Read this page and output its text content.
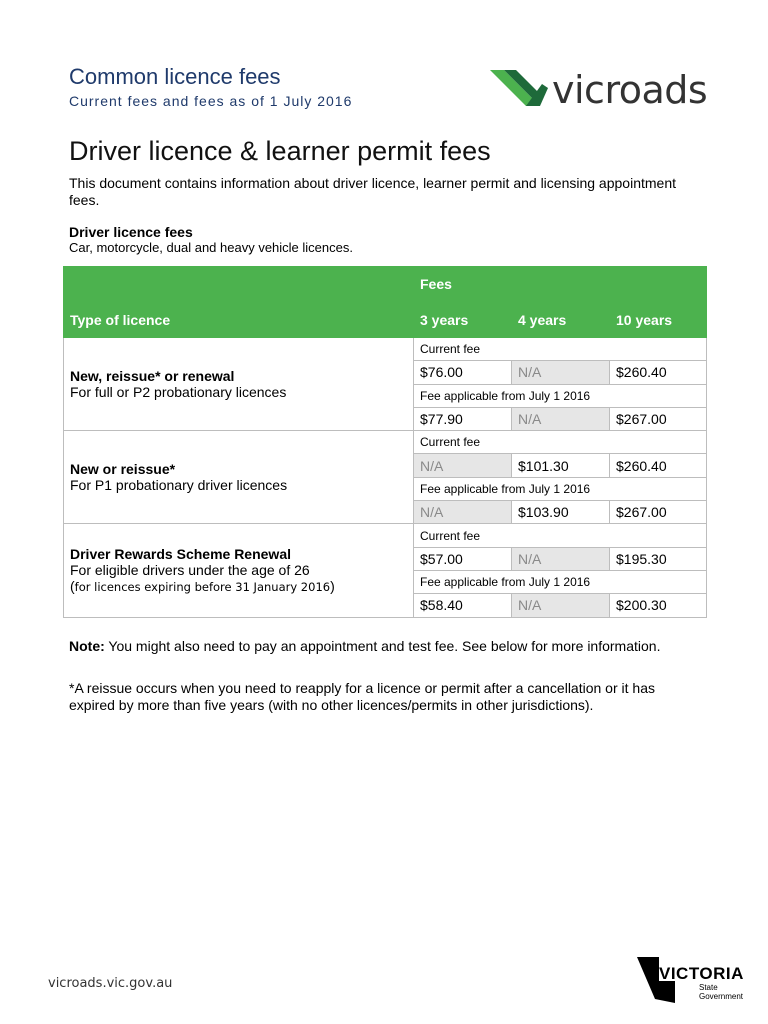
Common licence fees
Current fees and fees as of 1 July 2016	vicroads
Driver licence & learner permit fees
This document contains information about driver licence, learner permit and licensing appointment fees.
Driver licence fees
Car, motorcycle, dual and heavy vehicle licences.
	Fees		
Type of licence	3 years	4 years	10 years

New, reissue* or renewal
For full or P2 probationary licences	Current fee		
	$76.00	N/A	$260.40
	Fee applicable from July 1 2016		
	$77.90	N/A	$267.00

New or reissue*
For P1 probationary driver licences	Current fee		
	N/A	$101.30	$260.40
	Fee applicable from July 1 2016		
	N/A	$103.90	$267.00

Driver Rewards Scheme Renewal
For eligible drivers under the age of 26
(for licences expiring before 31 January 2016)	Current fee		
	$57.00	N/A	$195.30
	Fee applicable from July 1 2016		
	$58.40	N/A	$200.30
Note: You might also need to pay an appointment and test fee. See below for more information.
*A reissue occurs when you need to reapply for a licence or permit after a cancellation or it has expired by more than five years (with no other licences/permits in other jurisdictions).
vicroads.vic.gov.au
VICTORIA
State
Government
